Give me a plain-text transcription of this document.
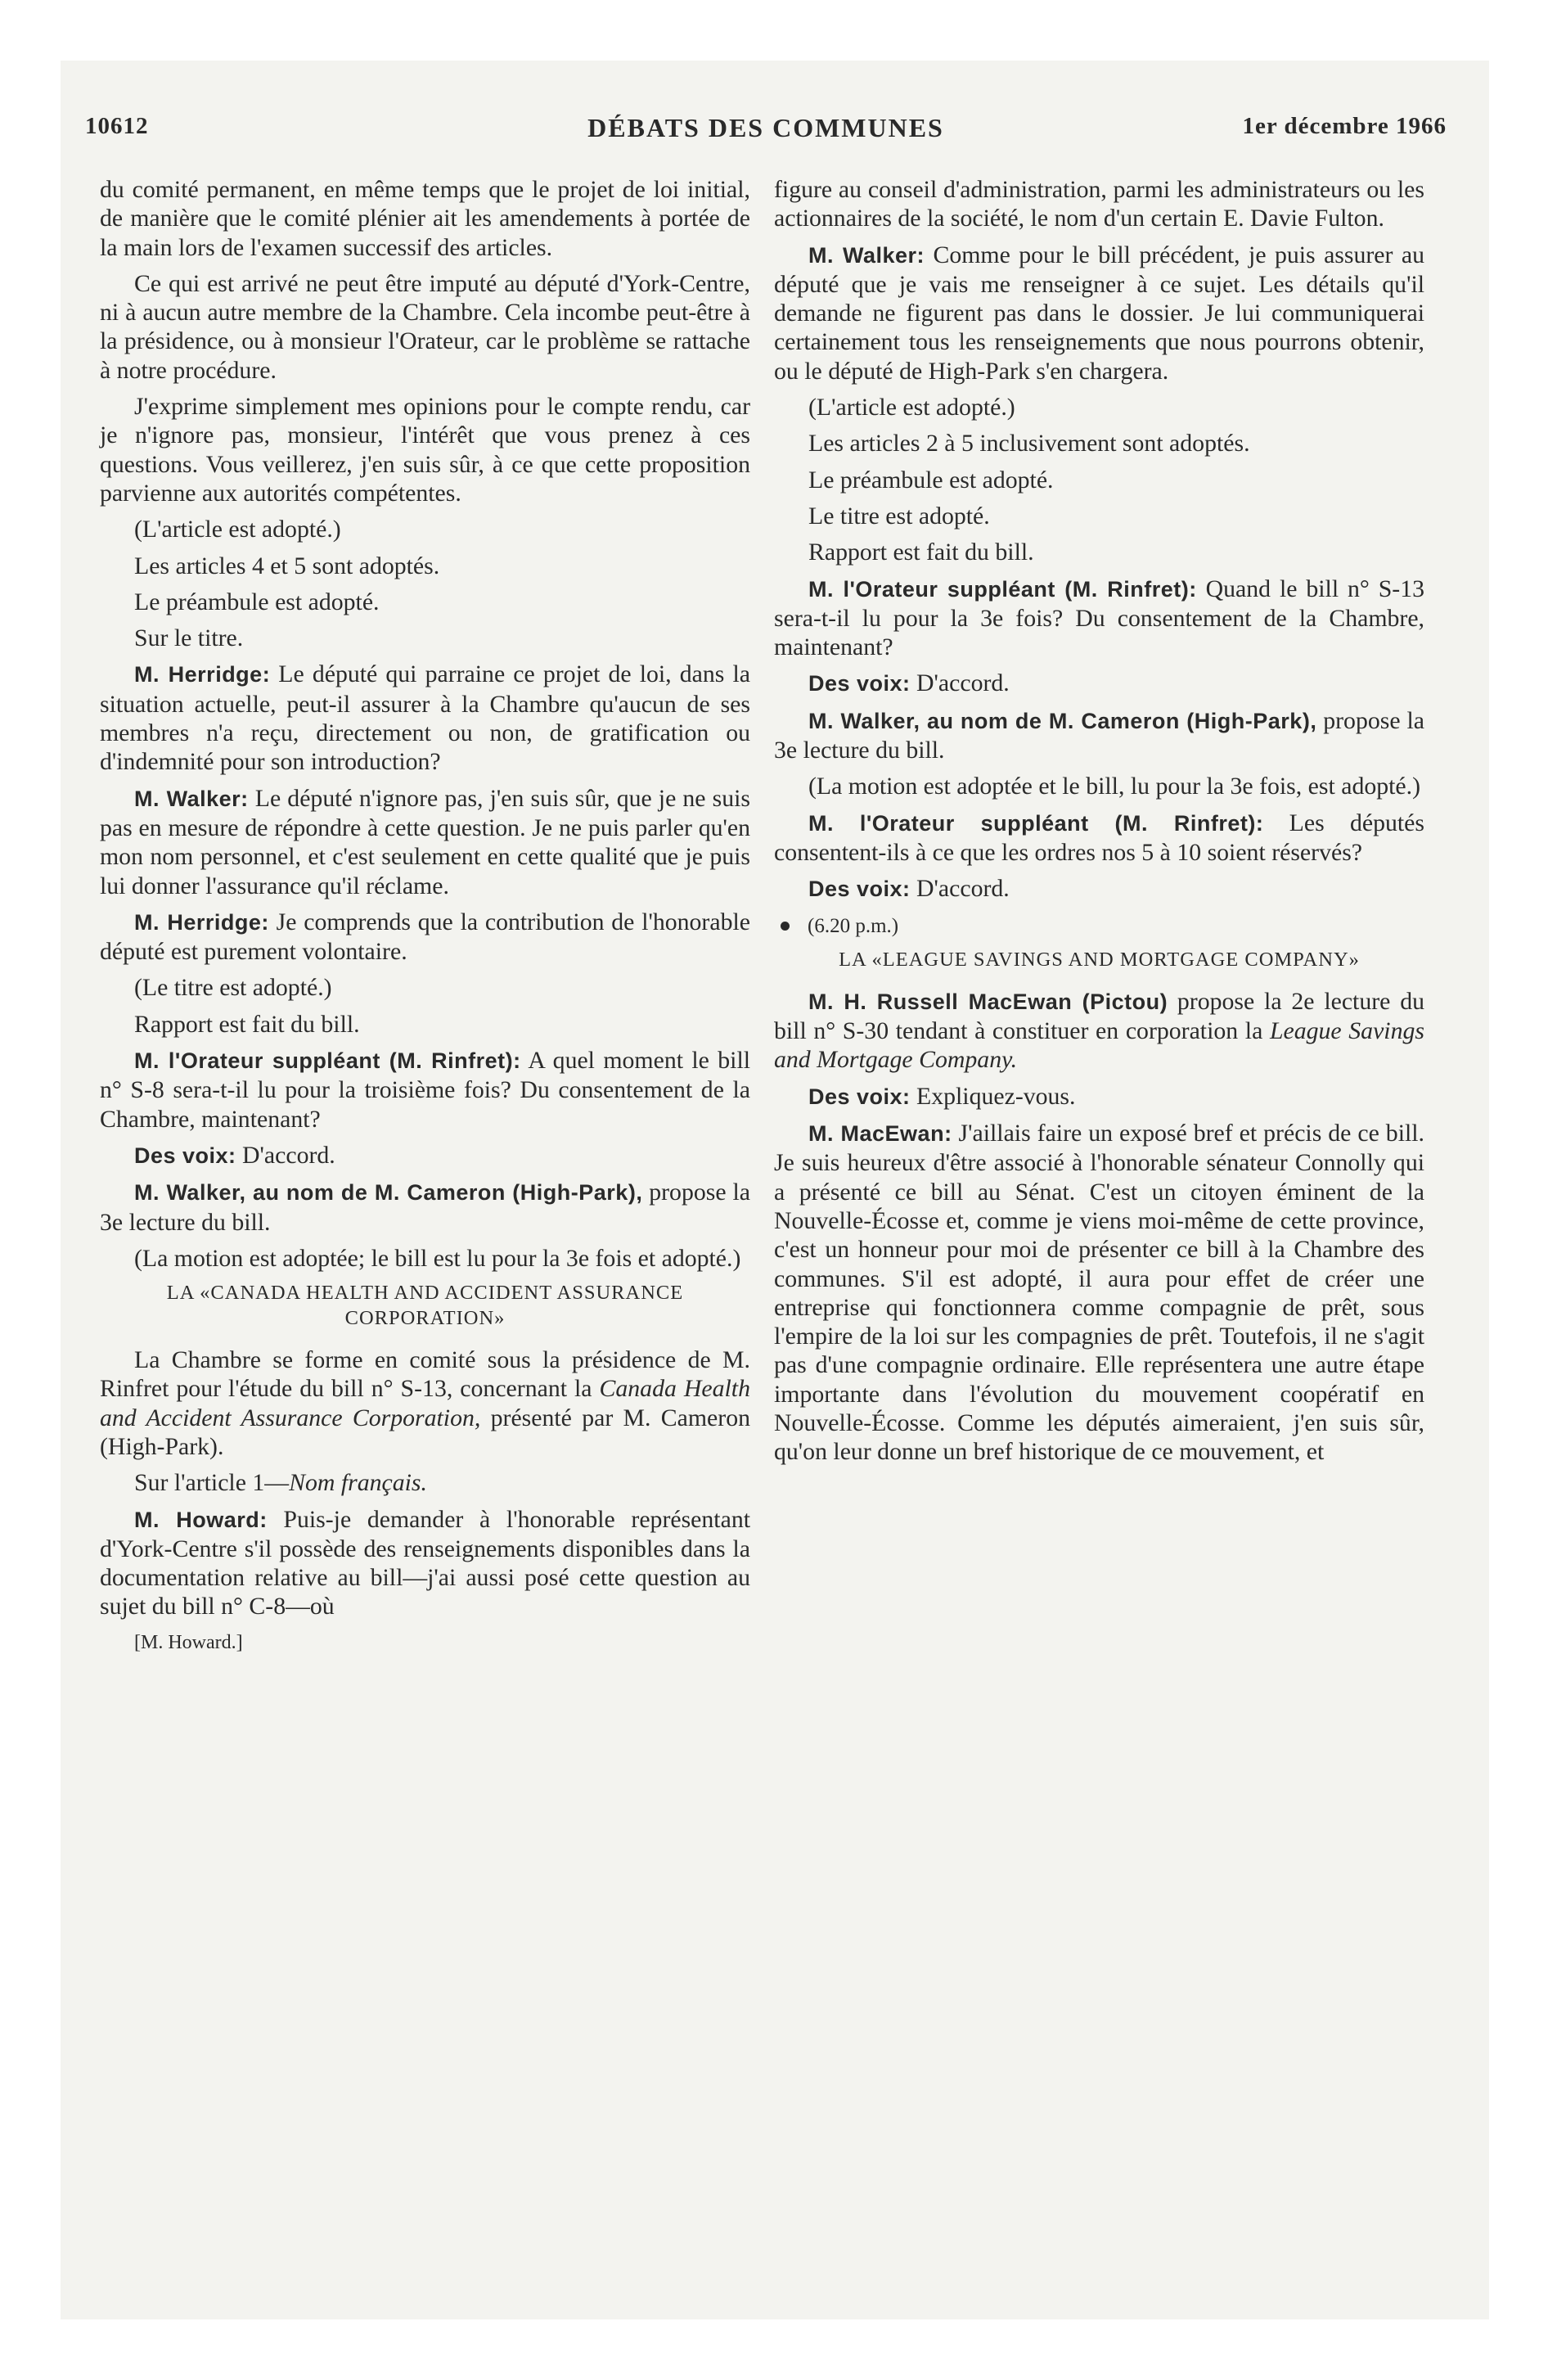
10612	DÉBATS DES COMMUNES	1er décembre 1966

du comité permanent, en même temps que le projet de loi initial, de manière que le comité plénier ait les amendements à portée de la main lors de l'examen successif des articles.

Ce qui est arrivé ne peut être imputé au député d'York-Centre, ni à aucun autre membre de la Chambre. Cela incombe peut-être à la présidence, ou à monsieur l'Orateur, car le problème se rattache à notre procédure.

J'exprime simplement mes opinions pour le compte rendu, car je n'ignore pas, monsieur, l'intérêt que vous prenez à ces questions. Vous veillerez, j'en suis sûr, à ce que cette proposition parvienne aux autorités compétentes.

(L'article est adopté.)

Les articles 4 et 5 sont adoptés.

Le préambule est adopté.

Sur le titre.

M. Herridge: Le député qui parraine ce projet de loi, dans la situation actuelle, peut-il assurer à la Chambre qu'aucun de ses membres n'a reçu, directement ou non, de gratification ou d'indemnité pour son introduction?

M. Walker: Le député n'ignore pas, j'en suis sûr, que je ne suis pas en mesure de répondre à cette question. Je ne puis parler qu'en mon nom personnel, et c'est seulement en cette qualité que je puis lui donner l'assurance qu'il réclame.

M. Herridge: Je comprends que la contribution de l'honorable député est purement volontaire.

(Le titre est adopté.)

Rapport est fait du bill.

M. l'Orateur suppléant (M. Rinfret): A quel moment le bill n° S-8 sera-t-il lu pour la troisième fois? Du consentement de la Chambre, maintenant?

Des voix: D'accord.

M. Walker, au nom de M. Cameron (High-Park), propose la 3e lecture du bill.

(La motion est adoptée; le bill est lu pour la 3e fois et adopté.)

LA «CANADA HEALTH AND ACCIDENT ASSURANCE CORPORATION»

La Chambre se forme en comité sous la présidence de M. Rinfret pour l'étude du bill n° S-13, concernant la Canada Health and Accident Assurance Corporation, présenté par M. Cameron (High-Park).

Sur l'article 1—Nom français.

M. Howard: Puis-je demander à l'honorable représentant d'York-Centre s'il possède des renseignements disponibles dans la documentation relative au bill—j'ai aussi posé cette question au sujet du bill n° C-8—où

[M. Howard.]

figure au conseil d'administration, parmi les administrateurs ou les actionnaires de la société, le nom d'un certain E. Davie Fulton.

M. Walker: Comme pour le bill précédent, je puis assurer au député que je vais me renseigner à ce sujet. Les détails qu'il demande ne figurent pas dans le dossier. Je lui communiquerai certainement tous les renseignements que nous pourrons obtenir, ou le député de High-Park s'en chargera.

(L'article est adopté.)

Les articles 2 à 5 inclusivement sont adoptés.

Le préambule est adopté.

Le titre est adopté.

Rapport est fait du bill.

M. l'Orateur suppléant (M. Rinfret): Quand le bill n° S-13 sera-t-il lu pour la 3e fois? Du consentement de la Chambre, maintenant?

Des voix: D'accord.

M. Walker, au nom de M. Cameron (High-Park), propose la 3e lecture du bill.

(La motion est adoptée et le bill, lu pour la 3e fois, est adopté.)

M. l'Orateur suppléant (M. Rinfret): Les députés consentent-ils à ce que les ordres nos 5 à 10 soient réservés?

Des voix: D'accord.

(6.20 p.m.)
LA «LEAGUE SAVINGS AND MORTGAGE COMPANY»

M. H. Russell MacEwan (Pictou) propose la 2e lecture du bill n° S-30 tendant à constituer en corporation la League Savings and Mortgage Company.

Des voix: Expliquez-vous.

M. MacEwan: J'aillais faire un exposé bref et précis de ce bill. Je suis heureux d'être associé à l'honorable sénateur Connolly qui a présenté ce bill au Sénat. C'est un citoyen éminent de la Nouvelle-Écosse et, comme je viens moi-même de cette province, c'est un honneur pour moi de présenter ce bill à la Chambre des communes. S'il est adopté, il aura pour effet de créer une entreprise qui fonctionnera comme compagnie de prêt, sous l'empire de la loi sur les compagnies de prêt. Toutefois, il ne s'agit pas d'une compagnie ordinaire. Elle représentera une autre étape importante dans l'évolution du mouvement coopératif en Nouvelle-Écosse. Comme les députés aimeraient, j'en suis sûr, qu'on leur donne un bref historique de ce mouvement, et
